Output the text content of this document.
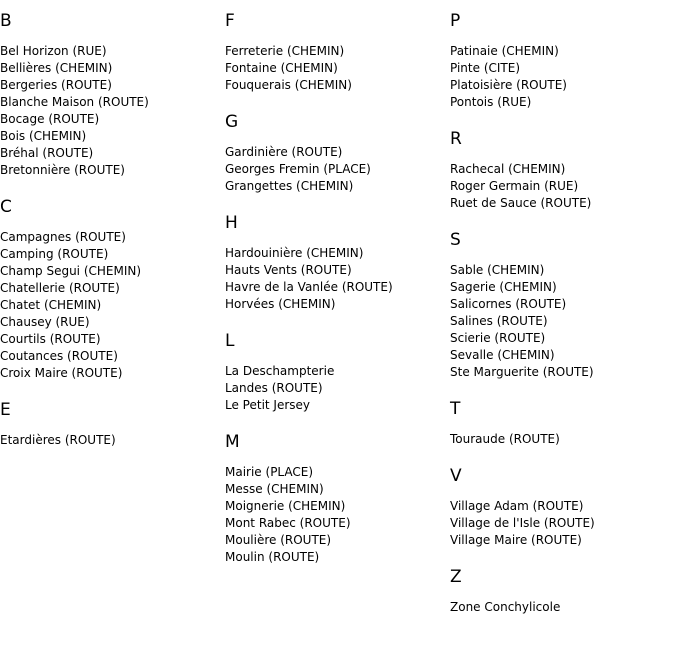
B
Bel Horizon (RUE)
Bellières (CHEMIN)
Bergeries (ROUTE)
Blanche Maison (ROUTE)
Bocage (ROUTE)
Bois (CHEMIN)
Bréhal (ROUTE)
Bretonnière (ROUTE)
C
Campagnes (ROUTE)
Camping (ROUTE)
Champ Segui (CHEMIN)
Chatellerie (ROUTE)
Chatet (CHEMIN)
Chausey (RUE)
Courtils (ROUTE)
Coutances (ROUTE)
Croix Maire (ROUTE)
E
Etardières (ROUTE)
F
Ferreterie (CHEMIN)
Fontaine (CHEMIN)
Fouquerais (CHEMIN)
G
Gardinière (ROUTE)
Georges Fremin (PLACE)
Grangettes (CHEMIN)
H
Hardouinière (CHEMIN)
Hauts Vents (ROUTE)
Havre de la Vanlée (ROUTE)
Horvées (CHEMIN)
L
La Deschampterie
Landes (ROUTE)
Le Petit Jersey
M
Mairie (PLACE)
Messe (CHEMIN)
Moignerie (CHEMIN)
Mont Rabec (ROUTE)
Moulière (ROUTE)
Moulin (ROUTE)
P
Patinaie (CHEMIN)
Pinte (CITE)
Platoisière (ROUTE)
Pontois (RUE)
R
Rachecal (CHEMIN)
Roger Germain (RUE)
Ruet de Sauce (ROUTE)
S
Sable (CHEMIN)
Sagerie (CHEMIN)
Salicornes (ROUTE)
Salines (ROUTE)
Scierie (ROUTE)
Sevalle (CHEMIN)
Ste Marguerite (ROUTE)
T
Touraude (ROUTE)
V
Village Adam (ROUTE)
Village de l'Isle (ROUTE)
Village Maire (ROUTE)
Z
Zone Conchylicole
